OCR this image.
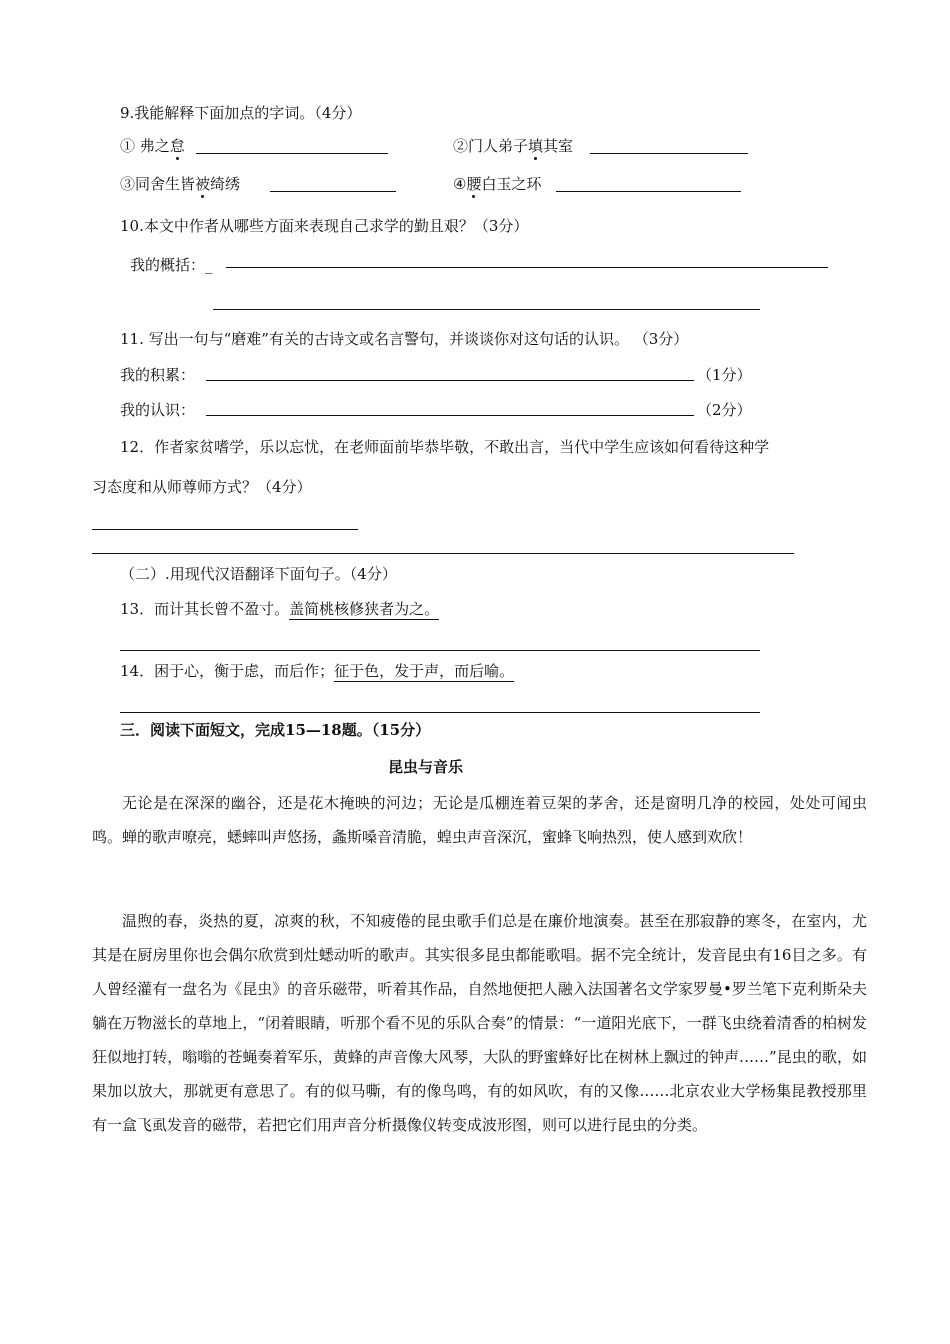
9.我能解释下面加点的字词。（4分）
① 弗之怠	②门人弟子填其室
③同舍生皆被绮绣	④腰白玉之环
10.本文中作者从哪些方面来表现自己求学的勤且艰？（3分）
我的概括：_
11. 写出一句与“磨难”有关的古诗文或名言警句，并谈谈你对这句话的认识。 （3分）
我的积累：	（1分）
我的认识：	（2分）
12．作者家贫嗜学，乐以忘忧，在老师面前毕恭毕敬，不敢出言，当代中学生应该如何看待这种学
习态度和从师尊师方式？（4分）
（二）.用现代汉语翻译下面句子。（4分）
13．而计其长曾不盈寸。盖简桃核修狭者为之。
14．困于心，衡于虑，而后作；征于色，发于声，而后喻。
三．阅读下面短文，完成15—18题。（15分）
昆虫与音乐
无论是在深深的幽谷，还是花木掩映的河边；无论是瓜棚连着豆架的茅舍，还是窗明几净的校园，处处可闻虫鸣。蝉的歌声嘹亮，蟋蟀叫声悠扬，螽斯嗓音清脆，蝗虫声音深沉，蜜蜂飞响热烈，使人感到欢欣！
温煦的春，炎热的夏，凉爽的秋，不知疲倦的昆虫歌手们总是在廉价地演奏。甚至在那寂静的寒冬，在室内，尤其是在厨房里你也会偶尔欣赏到灶蟋动听的歌声。其实很多昆虫都能歌唱。据不完全统计，发音昆虫有16目之多。有人曾经灌有一盘名为《昆虫》的音乐磁带，听着其作品，自然地便把人融入法国著名文学家罗曼•罗兰笔下克利斯朵夫躺在万物滋长的草地上，“闭着眼睛，听那个看不见的乐队合奏”的情景：“一道阳光底下，一群飞虫绕着清香的柏树发狂似地打转，嗡嗡的苍蝇奏着军乐，黄蜂的声音像大风琴，大队的野蜜蜂好比在树林上飘过的钟声……”昆虫的歌，如果加以放大，那就更有意思了。有的似马嘶，有的像鸟鸣，有的如风吹，有的又像……北京农业大学杨集昆教授那里有一盒飞虱发音的磁带，若把它们用声音分析摄像仪转变成波形图，则可以进行昆虫的分类。
